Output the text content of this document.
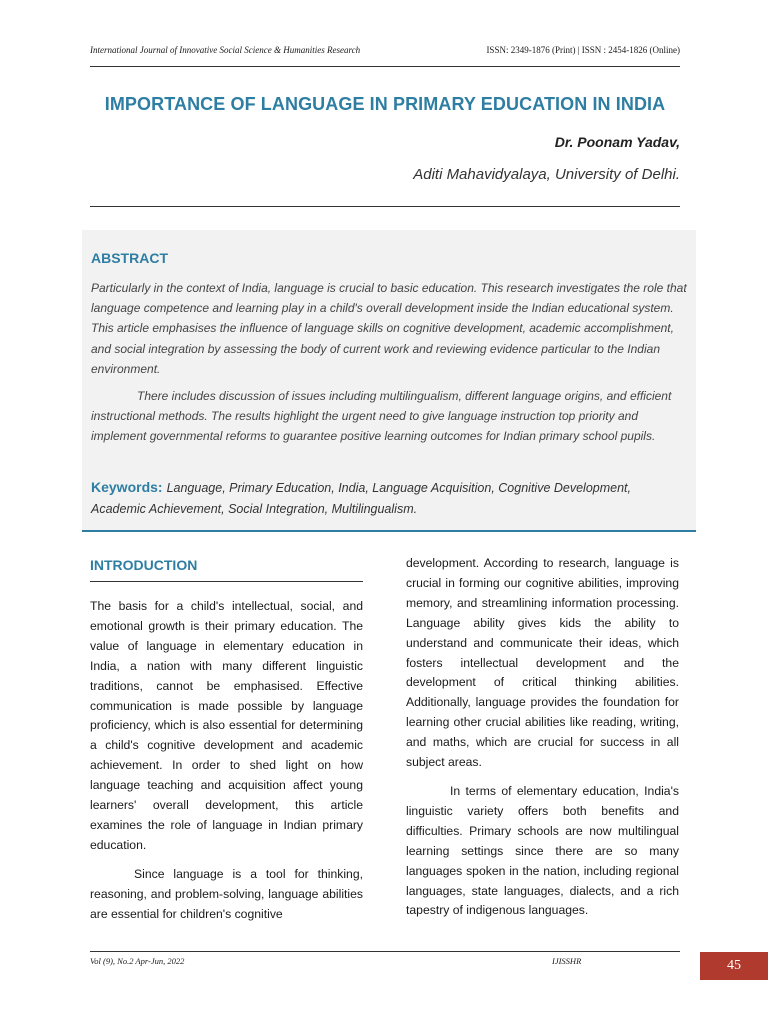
International Journal of Innovative Social Science & Humanities Research	ISSN: 2349-1876 (Print) | ISSN : 2454-1826 (Online)
IMPORTANCE OF LANGUAGE IN PRIMARY EDUCATION IN INDIA
Dr. Poonam Yadav,
Aditi Mahavidyalaya, University of Delhi.
ABSTRACT
Particularly in the context of India, language is crucial to basic education. This research investigates the role that language competence and learning play in a child's overall development inside the Indian educational system. This article emphasises the influence of language skills on cognitive development, academic accomplishment, and social integration by assessing the body of current work and reviewing evidence particular to the Indian environment.
There includes discussion of issues including multilingualism, different language origins, and efficient instructional methods. The results highlight the urgent need to give language instruction top priority and implement governmental reforms to guarantee positive learning outcomes for Indian primary school pupils.
Keywords: Language, Primary Education, India, Language Acquisition, Cognitive Development, Academic Achievement, Social Integration, Multilingualism.
INTRODUCTION

The basis for a child's intellectual, social, and emotional growth is their primary education. The value of language in elementary education in India, a nation with many different linguistic traditions, cannot be emphasised. Effective communication is made possible by language proficiency, which is also essential for determining a child's cognitive development and academic achievement. In order to shed light on how language teaching and acquisition affect young learners' overall development, this article examines the role of language in Indian primary education.

Since language is a tool for thinking, reasoning, and problem-solving, language abilities are essential for children's cognitive

development. According to research, language is crucial in forming our cognitive abilities, improving memory, and streamlining information processing. Language ability gives kids the ability to understand and communicate their ideas, which fosters intellectual development and the development of critical thinking abilities. Additionally, language provides the foundation for learning other crucial abilities like reading, writing, and maths, which are crucial for success in all subject areas.

In terms of elementary education, India's linguistic variety offers both benefits and difficulties. Primary schools are now multilingual learning settings since there are so many languages spoken in the nation, including regional languages, state languages, dialects, and a rich tapestry of indigenous languages.

Vol (9), No.2 Apr-Jun, 2022	IJISSHR	45
